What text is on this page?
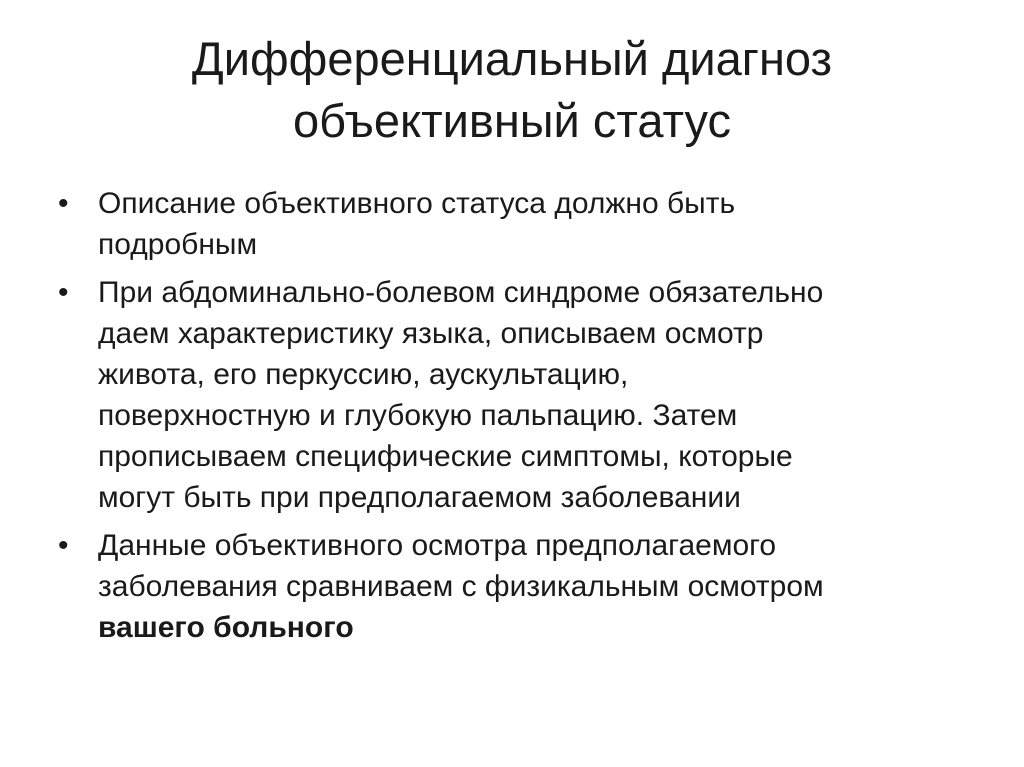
Дифференциальный диагноз
объективный статус
• Описание объективного статуса должно быть
подробным
• При абдоминально-болевом синдроме обязательно
даем характеристику языка, описываем осмотр
живота, его перкуссию, аускультацию,
поверхностную и глубокую пальпацию. Затем
прописываем специфические симптомы, которые
могут быть при предполагаемом заболевании
• Данные объективного осмотра предполагаемого
заболевания сравниваем с физикальным осмотром
вашего больного
